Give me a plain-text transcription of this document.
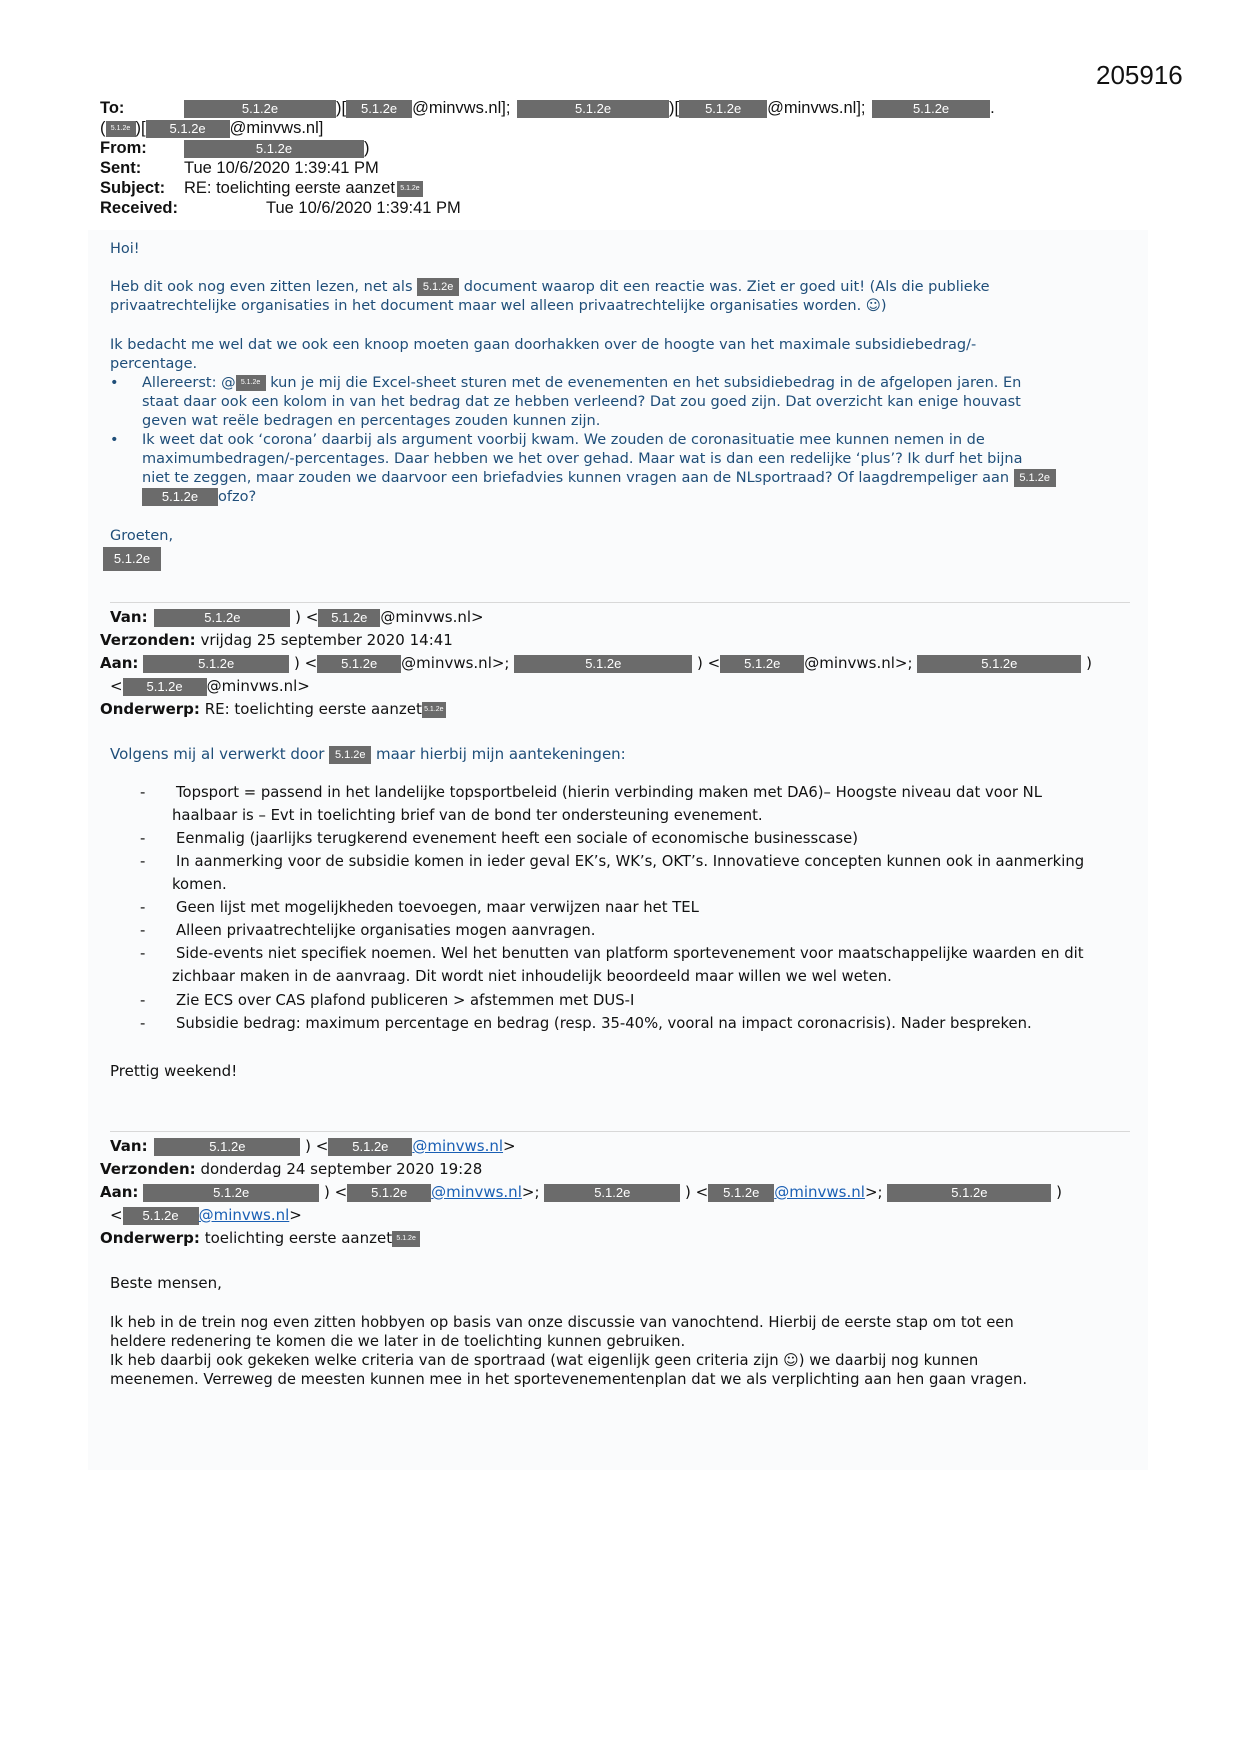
205916
To:	5.1.2e	)[ 5.1.2e @minvws.nl];	5.1.2e	)[ 5.1.2e @minvws.nl];	5.1.2e .
( 5.1.2e )[ 5.1.2e @minvws.nl]
From:	5.1.2e	)
Sent:	Tue 10/6/2020 1:39:41 PM
Subject: RE: toelichting eerste aanzet 5.1.2e
Received:	Tue 10/6/2020 1:39:41 PM
Hoi!
Heb dit ook nog even zitten lezen, net als 5.1.2e document waarop dit een reactie was. Ziet er goed uit! (Als die publieke
privaatrechtelijke organisaties in het document maar wel alleen privaatrechtelijke organisaties worden. ☺)
Ik bedacht me wel dat we ook een knoop moeten gaan doorhakken over de hoogte van het maximale subsidiebedrag/-
percentage.
• Allereerst: @ 5.1.2e kun je mij die Excel-sheet sturen met de evenementen en het subsidiebedrag in de afgelopen jaren. En
staat daar ook een kolom in van het bedrag dat ze hebben verleend? Dat zou goed zijn. Dat overzicht kan enige houvast
geven wat reële bedragen en percentages zouden kunnen zijn.
• Ik weet dat ook ‘corona’ daarbij als argument voorbij kwam. We zouden de coronasituatie mee kunnen nemen in de
maximumbedragen/-percentages. Daar hebben we het over gehad. Maar wat is dan een redelijke ‘plus’? Ik durf het bijna
niet te zeggen, maar zouden we daarvoor een briefadvies kunnen vragen aan de NLsportraad? Of laagdrempeliger aan 5.1.2e
5.1.2e ofzo?
Groeten,
5.1.2e
Van:	5.1.2e	) < 5.1.2e @minvws.nl>
Verzonden: vrijdag 25 september 2020 14:41
Aan:	5.1.2e	) < 5.1.2e @minvws.nl>;	5.1.2e	) < 5.1.2e @minvws.nl>;	5.1.2e	)
< 5.1.2e @minvws.nl>
Onderwerp: RE: toelichting eerste aanzet 5.1.2e
Volgens mij al verwerkt door 5.1.2e maar hierbij mijn aantekeningen:
- Topsport = passend in het landelijke topsportbeleid (hierin verbinding maken met DA6)– Hoogste niveau dat voor NL
haalbaar is – Evt in toelichting brief van de bond ter ondersteuning evenement.
- Eenmalig (jaarlijks terugkerend evenement heeft een sociale of economische businesscase)
- In aanmerking voor de subsidie komen in ieder geval EK’s, WK’s, OKT’s. Innovatieve concepten kunnen ook in aanmerking
komen.
- Geen lijst met mogelijkheden toevoegen, maar verwijzen naar het TEL
- Alleen privaatrechtelijke organisaties mogen aanvragen.
- Side-events niet specifiek noemen. Wel het benutten van platform sportevenement voor maatschappelijke waarden en dit
zichbaar maken in de aanvraag. Dit wordt niet inhoudelijk beoordeeld maar willen we wel weten.
- Zie ECS over CAS plafond publiceren > afstemmen met DUS-I
- Subsidie bedrag: maximum percentage en bedrag (resp. 35-40%, vooral na impact coronacrisis). Nader bespreken.
Prettig weekend!
Van:	5.1.2e	) < 5.1.2e @minvws.nl>
Verzonden: donderdag 24 september 2020 19:28
Aan:	5.1.2e	) < 5.1.2e @minvws.nl>;	5.1.2e	) < 5.1.2e @minvws.nl>;	5.1.2e	)
< 5.1.2e @minvws.nl>
Onderwerp: toelichting eerste aanzet 5.1.2e
Beste mensen,
Ik heb in de trein nog even zitten hobbyen op basis van onze discussie van vanochtend. Hierbij de eerste stap om tot een
heldere redenering te komen die we later in de toelichting kunnen gebruiken.
Ik heb daarbij ook gekeken welke criteria van de sportraad (wat eigenlijk geen criteria zijn ☺) we daarbij nog kunnen
meenemen. Verreweg de meesten kunnen mee in het sportevenementenplan dat we als verplichting aan hen gaan vragen.
